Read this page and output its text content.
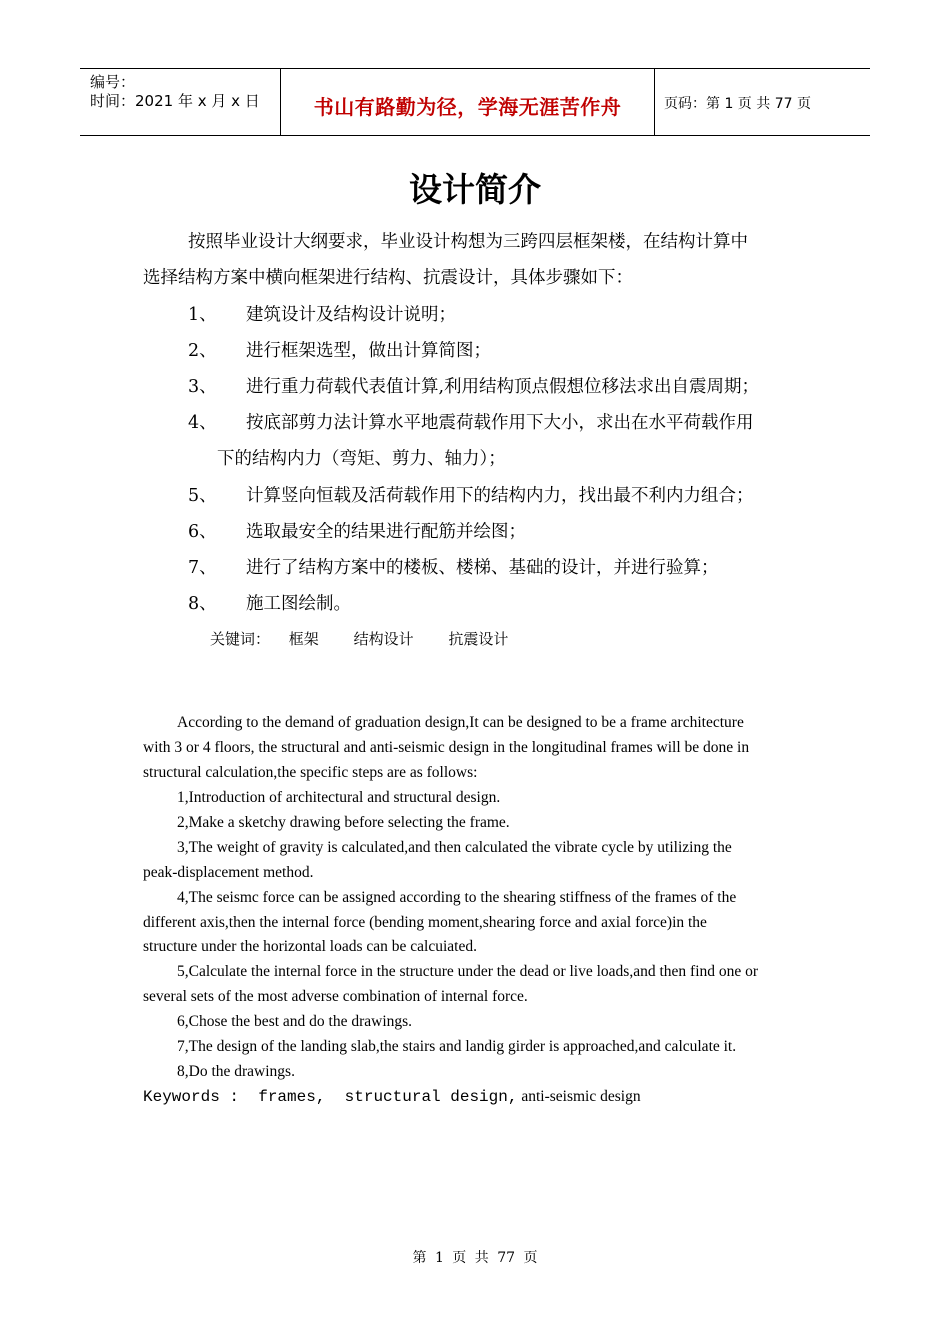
编号：
时间：2021 年 x 月 x 日	书山有路勤为径，学海无涯苦作舟	页码：第 1 页 共 77 页
设计简介
按照毕业设计大纲要求，毕业设计构想为三跨四层框架楼，在结构计算中
选择结构方案中横向框架进行结构、抗震设计，具体步骤如下：
1、 建筑设计及结构设计说明；
2、 进行框架选型，做出计算简图；
3、 进行重力荷载代表值计算,利用结构顶点假想位移法求出自震周期；
4、 按底部剪力法计算水平地震荷载作用下大小，求出在水平荷载作用
下的结构内力（弯矩、剪力、轴力）；
5、 计算竖向恒载及活荷载作用下的结构内力，找出最不利内力组合；
6、 选取最安全的结果进行配筋并绘图；
7、 进行了结构方案中的楼板、楼梯、基础的设计，并进行验算；
8、 施工图绘制。
关键词： 框架 结构设计 抗震设计
According to the demand of graduation design,It can be designed to be a frame architecture
with 3 or 4 floors, the structural and anti-seismic design in the longitudinal frames will be done in
structural calculation,the specific steps are as follows:
1,Introduction of architectural and structural design.
2,Make a sketchy drawing before selecting the frame.
3,The weight of gravity is calculated,and then calculated the vibrate cycle by utilizing the
peak-displacement method.
4,The seismc force can be assigned according to the shearing stiffness of the frames of the
different axis,then the internal force (bending moment,shearing force and axial force)in the
structure under the horizontal loads can be calcuiated.
5,Calculate the internal force in the structure under the dead or live loads,and then find one or
several sets of the most adverse combination of internal force.
6,Chose the best and do the drawings.
7,The design of the landing slab,the stairs and landig girder is approached,and calculate it.
8,Do the drawings.
Keywords :  frames,  structural design, anti-seismic design
第 1 页 共 77 页
